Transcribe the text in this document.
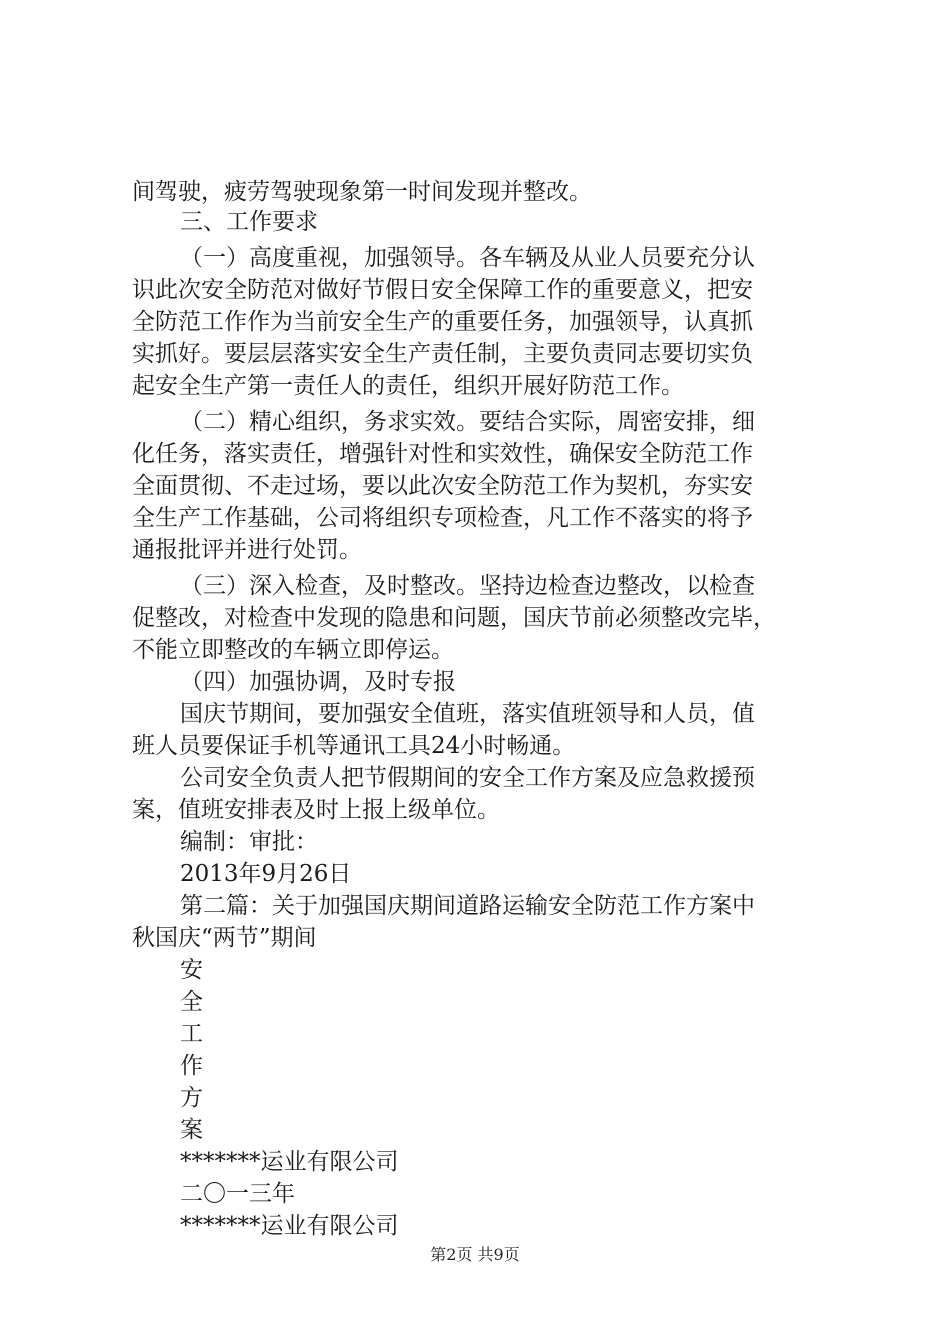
间驾驶，疲劳驾驶现象第一时间发现并整改。
三、工作要求
（一）高度重视，加强领导。各车辆及从业人员要充分认
识此次安全防范对做好节假日安全保障工作的重要意义，把安
全防范工作作为当前安全生产的重要任务，加强领导，认真抓
实抓好。要层层落实安全生产责任制，主要负责同志要切实负
起安全生产第一责任人的责任，组织开展好防范工作。
（二）精心组织，务求实效。要结合实际，周密安排，细
化任务，落实责任，增强针对性和实效性，确保安全防范工作
全面贯彻、不走过场，要以此次安全防范工作为契机，夯实安
全生产工作基础，公司将组织专项检查，凡工作不落实的将予
通报批评并进行处罚。
（三）深入检查，及时整改。坚持边检查边整改，以检查
促整改，对检查中发现的隐患和问题，国庆节前必须整改完毕，
不能立即整改的车辆立即停运。
（四）加强协调，及时专报
国庆节期间，要加强安全值班，落实值班领导和人员，值
班人员要保证手机等通讯工具24小时畅通。
公司安全负责人把节假期间的安全工作方案及应急救援预
案，值班安排表及时上报上级单位。
编制：审批：
2013年9月26日
第二篇：关于加强国庆期间道路运输安全防范工作方案中
秋国庆“两节”期间
安
全
工
作
方
案
*******运业有限公司
二〇一三年
*******运业有限公司
第2页 共9页
